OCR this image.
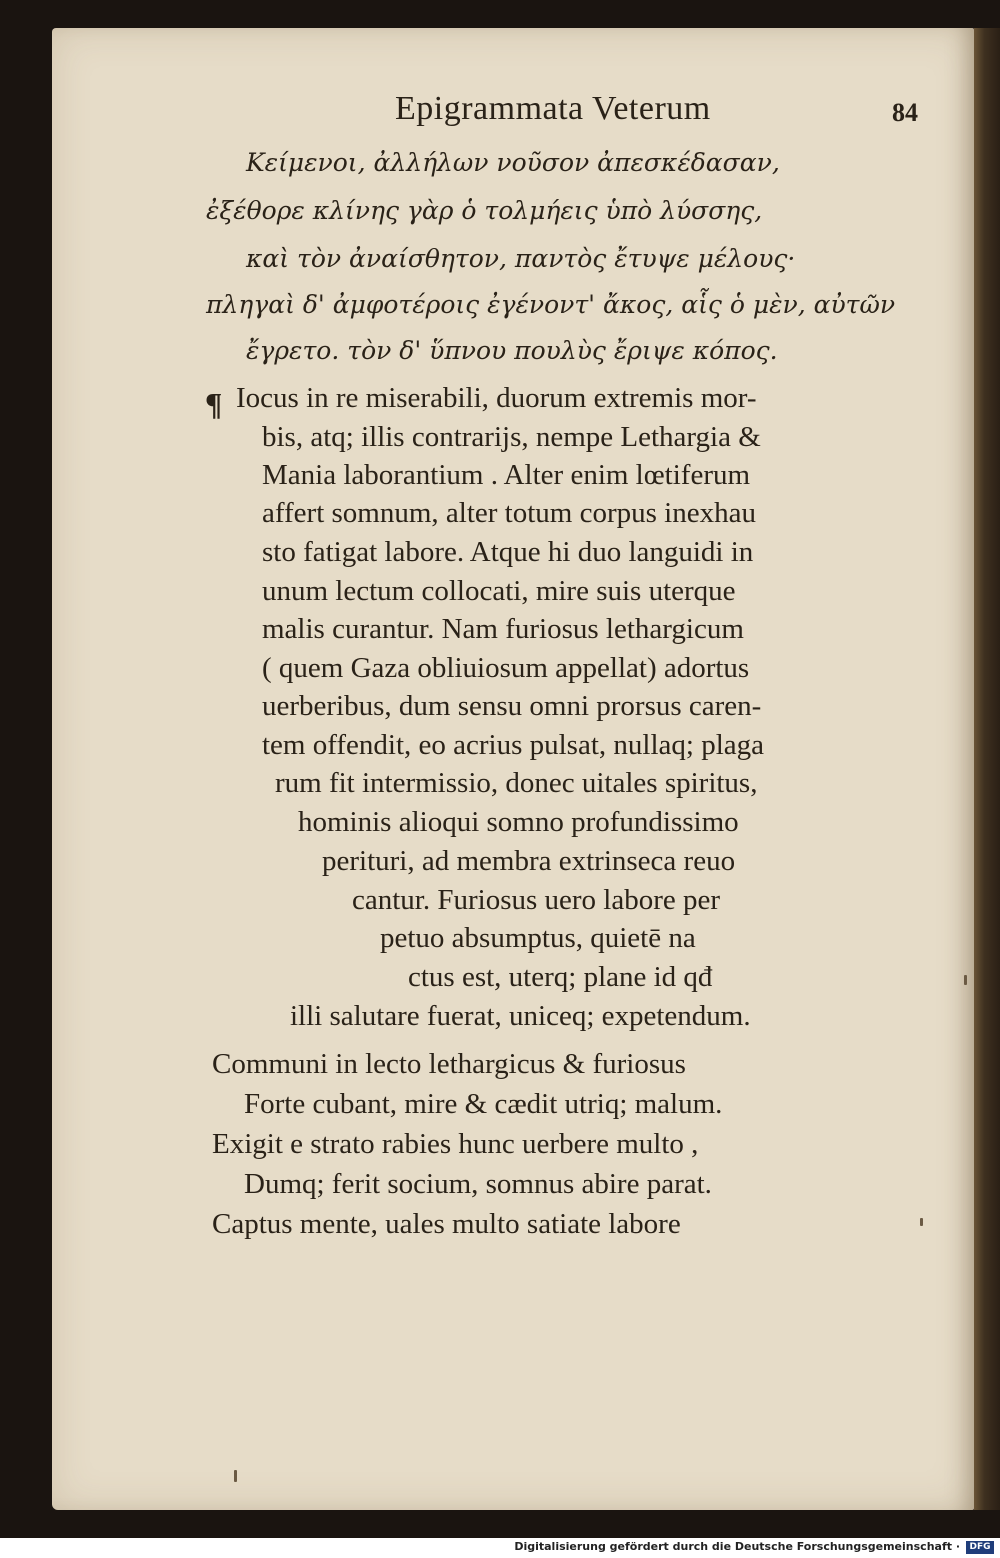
Epigrammata Veterum	84
Κείμενοι, ἀλλήλων νοῦσον ἀπεσκέδασαν,
ἐξέθορε κλίνης γὰρ ὁ τολμήεις ὑπὸ λύσσης,
καὶ τὸν ἀναίσθητον, παντὸς ἔτυψε μέλους·
πληγαὶ δ' ἀμφοτέροις ἐγένοντ' ἄκος, αἷς ὁ μὲν, αὐτῶν
ἔγρετο. τὸν δ' ὕπνου πουλὺς ἔριψε κόπος.
¶ Iocus in re miserabili, duorum extremis mor-
bis, atq; illis contrarijs, nempe Lethargia &
Mania laborantium . Alter enim lœtiferum
affert somnum, alter totum corpus inexhau
sto fatigat labore. Atque hi duo languidi in
unum lectum collocati, mire suis uterque
malis curantur. Nam furiosus lethargicum
( quem Gaza obliuiosum appellat) adortus
uerberibus, dum sensu omni prorsus caren-
tem offendit, eo acrius pulsat, nullaq; plaga
rum fit intermissio, donec uitales spiritus,
hominis alioqui somno profundissimo
perituri, ad membra extrinseca reuo
cantur. Furiosus uero labore per
petuo absumptus, quietē na
ctus est, uterq; plane id qđ
illi salutare fuerat, uniceq; expetendum.
Communi in lecto lethargicus & furiosus
Forte cubant, mire & cædit utriq; malum.
Exigit e strato rabies hunc uerbere multo ,
Dumq; ferit socium, somnus abire parat.
Captus mente, uales multo satiate labore
Digitalisierung gefördert durch die Deutsche Forschungsgemeinschaft ·	DFG
